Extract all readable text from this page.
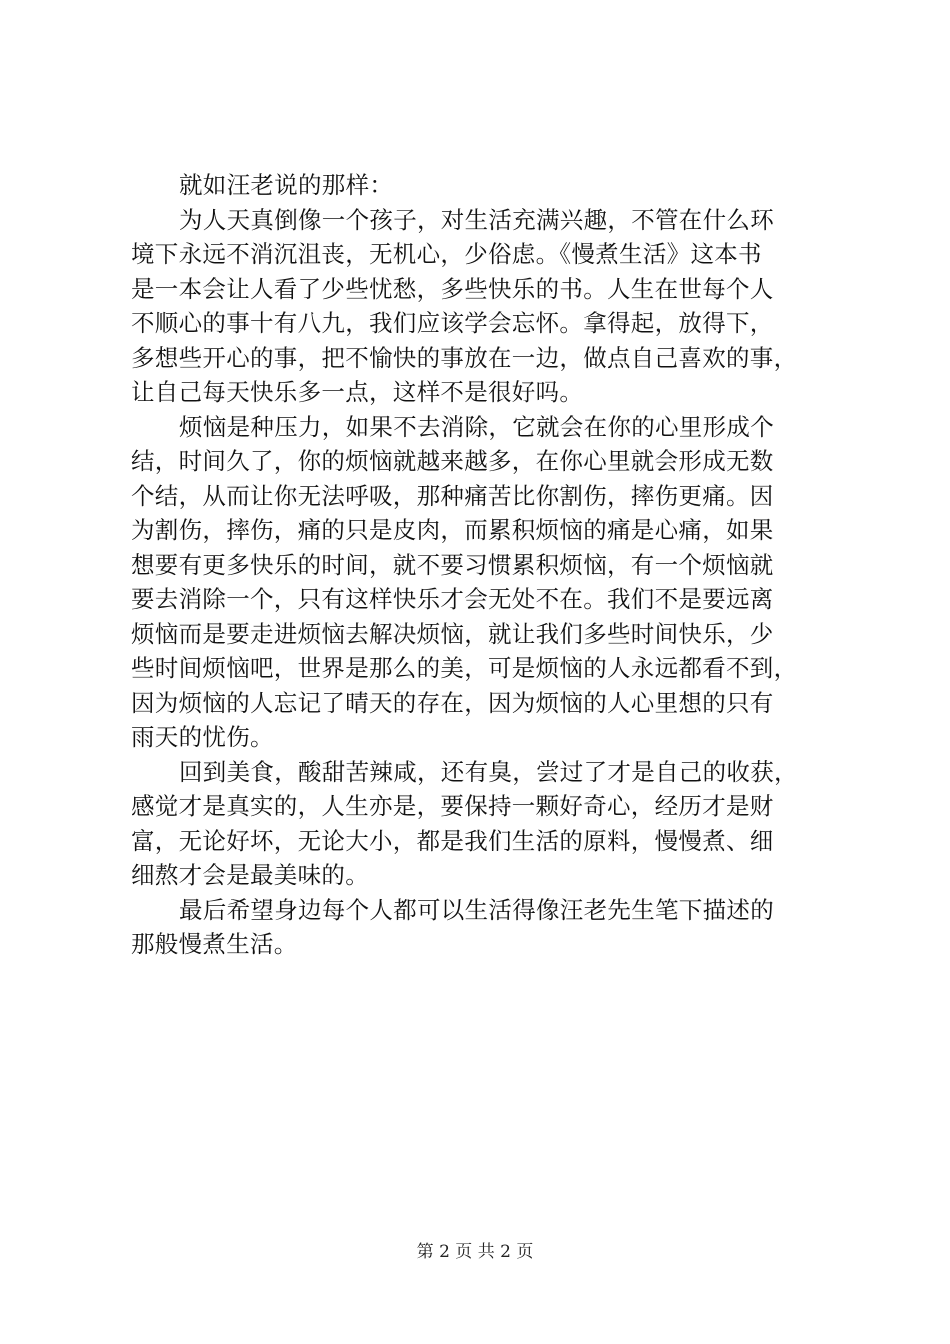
就如汪老说的那样：
为人天真倒像一个孩子，对生活充满兴趣，不管在什么环
境下永远不消沉沮丧，无机心，少俗虑。《慢煮生活》这本书
是一本会让人看了少些忧愁，多些快乐的书。人生在世每个人
不顺心的事十有八九，我们应该学会忘怀。拿得起，放得下，
多想些开心的事，把不愉快的事放在一边，做点自己喜欢的事，
让自己每天快乐多一点，这样不是很好吗。
烦恼是种压力，如果不去消除，它就会在你的心里形成个
结，时间久了，你的烦恼就越来越多，在你心里就会形成无数
个结，从而让你无法呼吸，那种痛苦比你割伤，摔伤更痛。因
为割伤，摔伤，痛的只是皮肉，而累积烦恼的痛是心痛，如果
想要有更多快乐的时间，就不要习惯累积烦恼，有一个烦恼就
要去消除一个，只有这样快乐才会无处不在。我们不是要远离
烦恼而是要走进烦恼去解决烦恼，就让我们多些时间快乐，少
些时间烦恼吧，世界是那么的美，可是烦恼的人永远都看不到，
因为烦恼的人忘记了晴天的存在，因为烦恼的人心里想的只有
雨天的忧伤。
回到美食，酸甜苦辣咸，还有臭，尝过了才是自己的收获，
感觉才是真实的，人生亦是，要保持一颗好奇心，经历才是财
富，无论好坏，无论大小，都是我们生活的原料，慢慢煮、细
细熬才会是最美味的。
最后希望身边每个人都可以生活得像汪老先生笔下描述的
那般慢煮生活。
第 2 页 共 2 页
